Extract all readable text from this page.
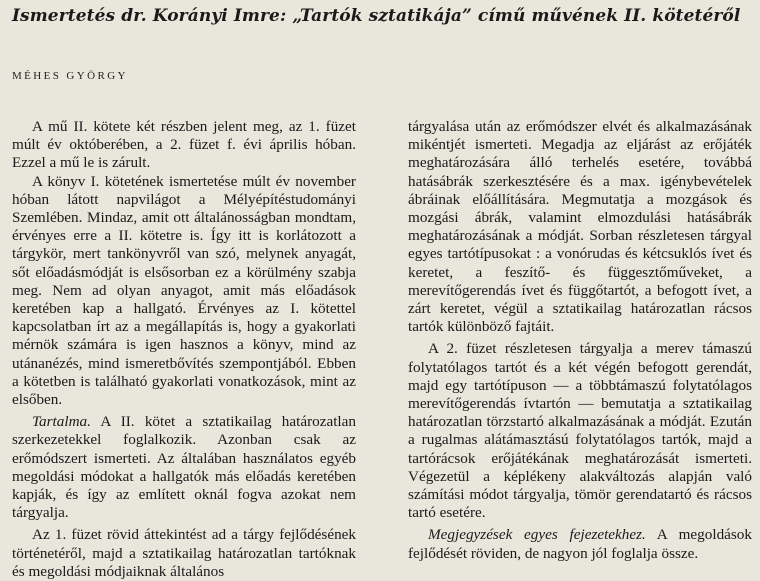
Ismertetés dr. Korányi Imre: „Tartók sztatikája” című művének II. kötetéről
MÉHES GYÖRGY

A mű II. kötete két részben jelent meg, az 1. füzet múlt év októberében, a 2. füzet f. évi április hóban. Ezzel a mű le is zárult.

A könyv I. kötetének ismertetése múlt év november hóban látott napvilágot a Mélyépítéstudományi Szemlében. Mindaz, amit ott általánosságban mondtam, érvényes erre a II. kötetre is. Így itt is korlátozott a tárgykör, mert tankönyvről van szó, melynek anyagát, sőt előadásmódját is elsősorban ez a körülmény szabja meg. Nem ad olyan anyagot, amit más előadások keretében kap a hallgató. Érvényes az I. kötettel kapcsolatban írt az a megállapítás is, hogy a gyakorlati mérnök számára is igen hasznos a könyv, mind az utánanézés, mind ismeretbővítés szempontjából. Ebben a kötetben is található gyakorlati vonatkozások, mint az elsőben.

Tartalma. A II. kötet a sztatikailag határozatlan szerkezetekkel foglalkozik. Azonban csak az erőmódszert ismerteti. Az általában használatos egyéb megoldási módokat a hallgatók más előadás keretében kapják, és így az említett oknál fogva azokat nem tárgyalja.

Az 1. füzet rövid áttekintést ad a tárgy fejlődésének történetéről, majd a sztatikailag határozatlan tartóknak és megoldási módjaiknak általános

tárgyalása után az erőmódszer elvét és alkalmazásának mikéntjét ismerteti. Megadja az eljárást az erőjáték meghatározására álló terhelés esetére, továbbá hatásábrák szerkesztésére és a max. igénybevételek ábráinak előállítására. Megmutatja a mozgások és mozgási ábrák, valamint elmozdulási hatásábrák meghatározásának a módját. Sorban részletesen tárgyal egyes tartótípusokat : a vonórudas és kétcsuklós ívet és keretet, a feszítő- és függesztőműveket, a merevítőgerendás ívet és függőtartót, a befogott ívet, a zárt keretet, végül a sztatikailag határozatlan rácsos tartók különböző fajtáit.

A 2. füzet részletesen tárgyalja a merev támaszú folytatólagos tartót és a két végén befogott gerendát, majd egy tartótípuson — a többtámaszú folytatólagos merevítőgerendás ívtartón — bemutatja a sztatikailag határozatlan törzstartó alkalmazásának a módját. Ezután a rugalmas alátámasztású folytatólagos tartók, majd a tartórácsok erőjátékának meghatározását ismerteti. Végezetül a képlékeny alakváltozás alapján való számítási módot tárgyalja, tömör gerendatartó és rácsos tartó esetére.

Megjegyzések egyes fejezetekhez. A megoldások fejlődését röviden, de nagyon jól foglalja össze.
